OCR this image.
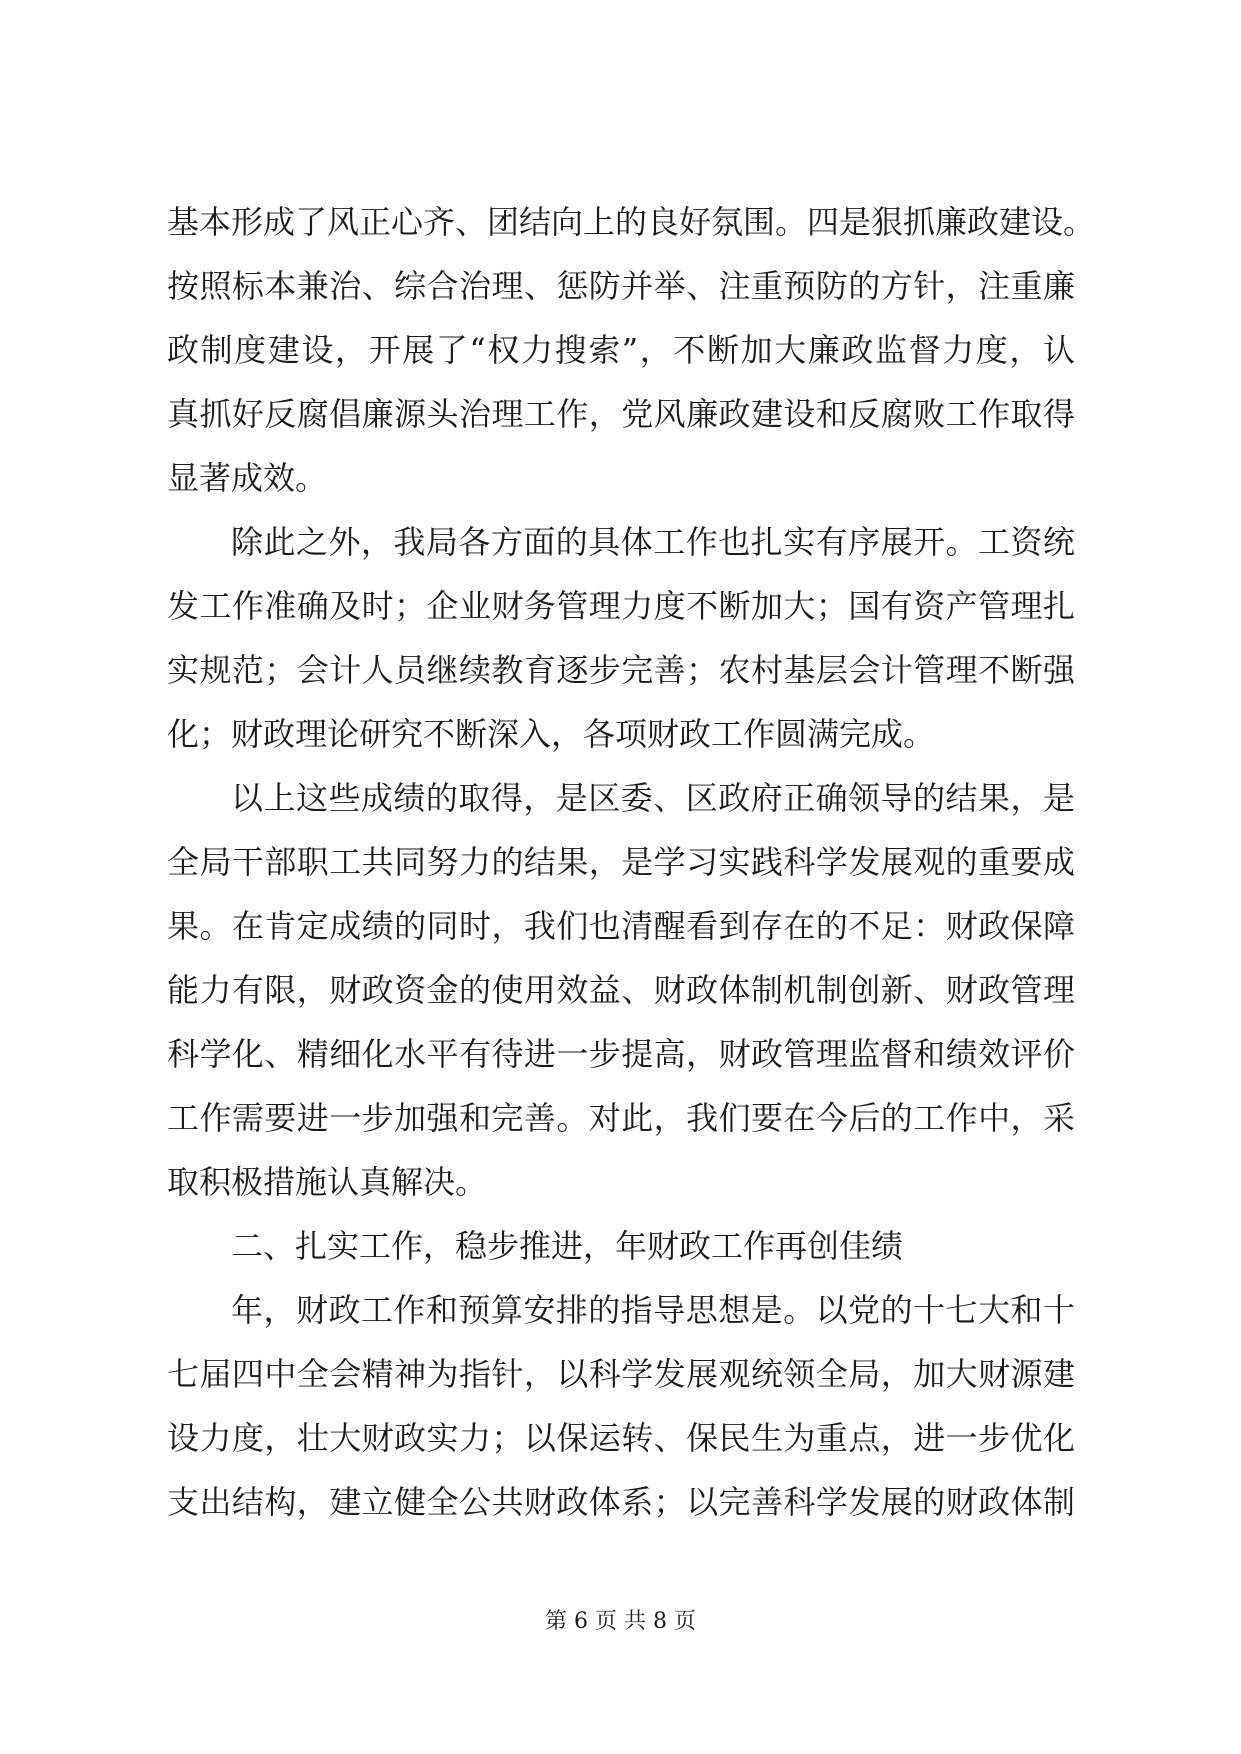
基本形成了风正心齐、团结向上的良好氛围。四是狠抓廉政建设。
按照标本兼治、综合治理、惩防并举、注重预防的方针，注重廉
政制度建设，开展了“权力搜索”，不断加大廉政监督力度，认
真抓好反腐倡廉源头治理工作，党风廉政建设和反腐败工作取得
显著成效。
除此之外，我局各方面的具体工作也扎实有序展开。工资统
发工作准确及时；企业财务管理力度不断加大；国有资产管理扎
实规范；会计人员继续教育逐步完善；农村基层会计管理不断强
化；财政理论研究不断深入，各项财政工作圆满完成。
以上这些成绩的取得，是区委、区政府正确领导的结果，是
全局干部职工共同努力的结果，是学习实践科学发展观的重要成
果。在肯定成绩的同时，我们也清醒看到存在的不足：财政保障
能力有限，财政资金的使用效益、财政体制机制创新、财政管理
科学化、精细化水平有待进一步提高，财政管理监督和绩效评价
工作需要进一步加强和完善。对此，我们要在今后的工作中，采
取积极措施认真解决。
二、扎实工作，稳步推进，年财政工作再创佳绩
年，财政工作和预算安排的指导思想是。以党的十七大和十
七届四中全会精神为指针，以科学发展观统领全局，加大财源建
设力度，壮大财政实力；以保运转、保民生为重点，进一步优化
支出结构，建立健全公共财政体系；以完善科学发展的财政体制
第 6 页 共 8 页
